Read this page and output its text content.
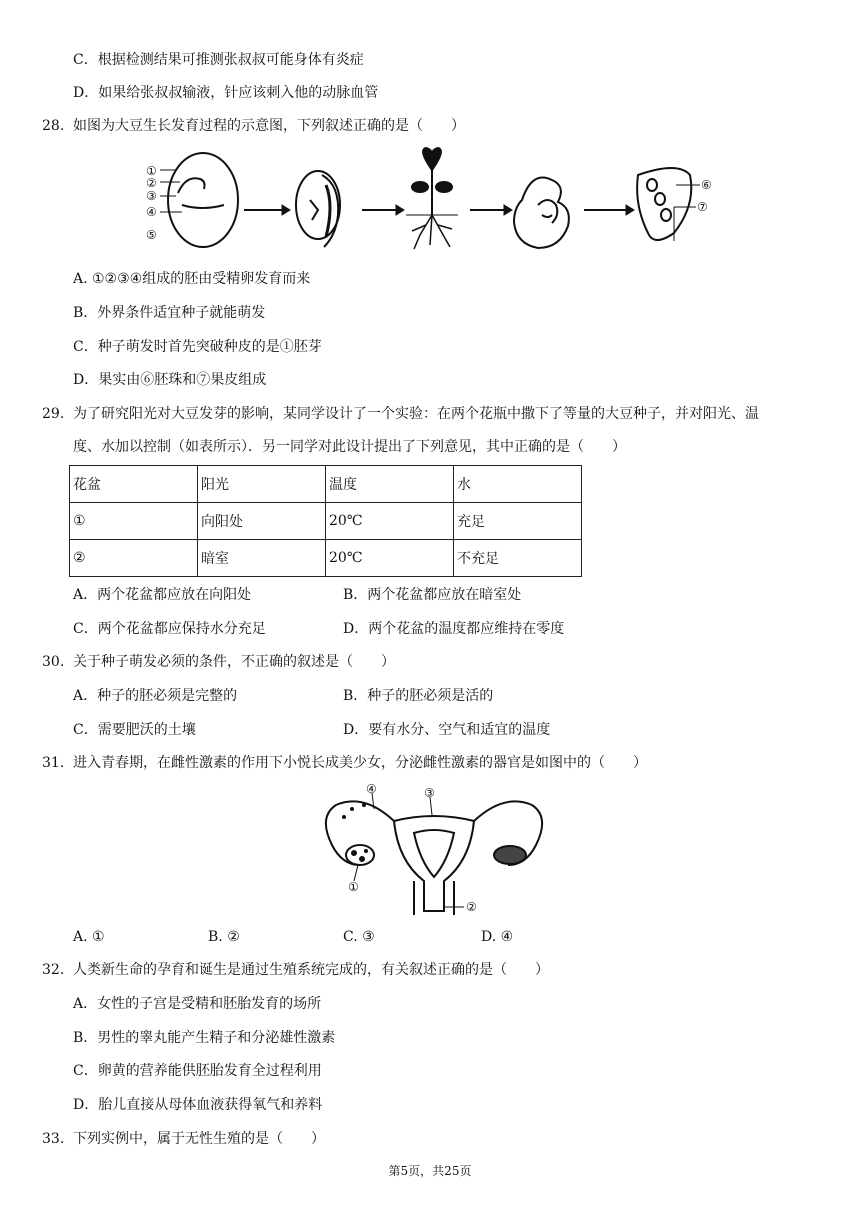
C．根据检测结果可推测张叔叔可能身体有炎症
D．如果给张叔叔输液，针应该刺入他的动脉血管
28. 如图为大豆生长发育过程的示意图，下列叙述正确的是（　　）
①
②
③
④
⑤
⑥
⑦
A. ①②③④组成的胚由受精卵发育而来
B．外界条件适宜种子就能萌发
C．种子萌发时首先突破种皮的是①胚芽
D．果实由⑥胚珠和⑦果皮组成
29. 为了研究阳光对大豆发芽的影响，某同学设计了一个实验：在两个花瓶中撒下了等量的大豆种子，并对阳光、温
度、水加以控制（如表所示）．另一同学对此设计提出了下列意见，其中正确的是（　　）
花盆	阳光	温度	水
①	向阳处	20℃	充足
②	暗室	20℃	不充足
A．两个花盆都应放在向阳处	B．两个花盆都应放在暗室处
C．两个花盆都应保持水分充足	D．两个花盆的温度都应维持在零度
30. 关于种子萌发必须的条件，不正确的叙述是（　　）
A．种子的胚必须是完整的	B．种子的胚必须是活的
C．需要肥沃的土壤	D．要有水分、空气和适宜的温度
31. 进入青春期，在雌性激素的作用下小悦长成美少女，分泌雌性激素的器官是如图中的（　　）
④	③
①
②
A. ①	B. ②	C. ③	D. ④
32. 人类新生命的孕育和诞生是通过生殖系统完成的，有关叙述正确的是（　　）
A．女性的子宫是受精和胚胎发育的场所
B．男性的睾丸能产生精子和分泌雄性激素
C．卵黄的营养能供胚胎发育全过程利用
D．胎儿直接从母体血液获得氧气和养料
33. 下列实例中，属于无性生殖的是（　　）
第5页，共25页
